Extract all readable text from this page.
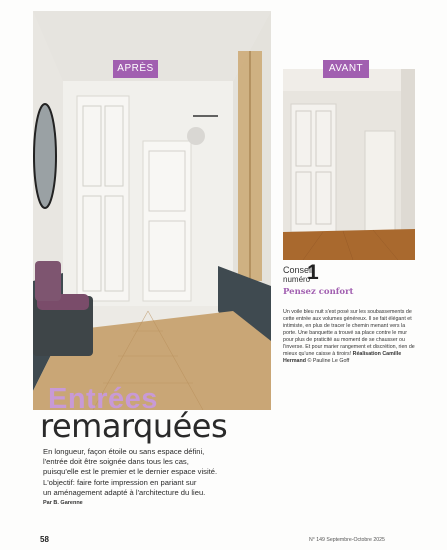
APRÈS	AVANT
Conseil
numéro
1
Pensez confort
Un voile bleu nuit s'est posé sur les soubassements de cette entrée aux volumes généreux. Il se fait élégant et intimiste, en plus de tracer le chemin menant vers la porte. Une banquette a trouvé sa place contre le mur pour plus de praticité au moment de se chausser ou l'inverse. Et pour marier rangement et discrétion, rien de mieux qu'une caisse à tiroirs! Réalisation Camille Hermand © Pauline Le Goff
Entrées
remarquées
En longueur, façon étoile ou sans espace défini,
l'entrée doit être soignée dans tous les cas,
puisqu'elle est le premier et le dernier espace visité.
L'objectif: faire forte impression en pariant sur
un aménagement adapté à l'architecture du lieu.
Par B. Garenne
58	N° 149 Septembre-Octobre 2025
